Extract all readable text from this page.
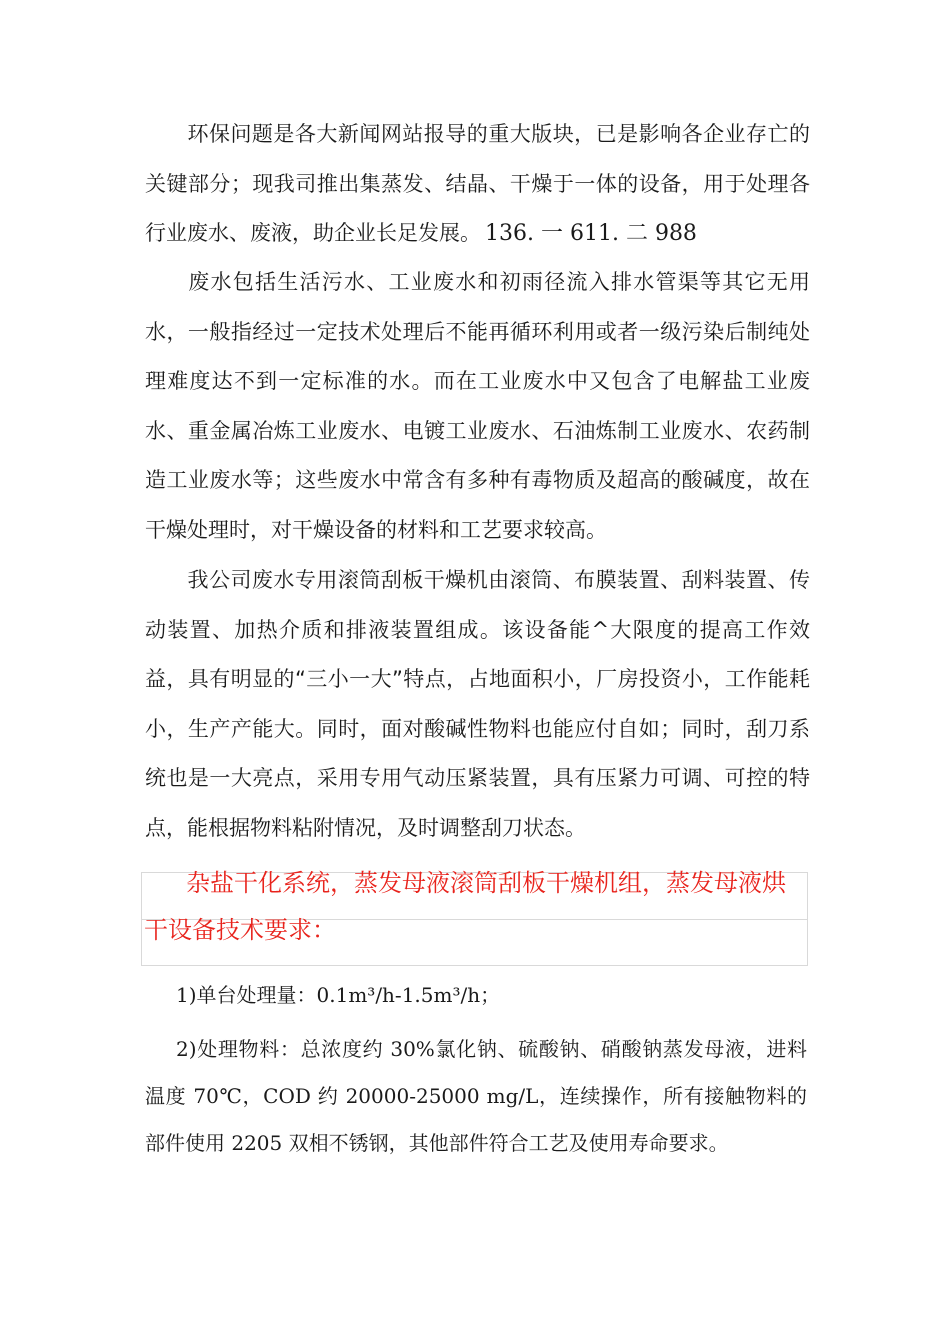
环保问题是各大新闻网站报导的重大版块，已是影响各企业存亡的关键部分；现我司推出集蒸发、结晶、干燥于一体的设备，用于处理各行业废水、废液，助企业长足发展。 136. 一 611. 二 988

废水包括生活污水、工业废水和初雨径流入排水管渠等其它无用水，一般指经过一定技术处理后不能再循环利用或者一级污染后制纯处理难度达不到一定标准的水。而在工业废水中又包含了电解盐工业废水、重金属冶炼工业废水、电镀工业废水、石油炼制工业废水、农药制造工业废水等；这些废水中常含有多种有毒物质及超高的酸碱度，故在干燥处理时，对干燥设备的材料和工艺要求较高。

我公司废水专用滚筒刮板干燥机由滚筒、布膜装置、刮料装置、传动装置、加热介质和排液装置组成。该设备能^大限度的提高工作效益，具有明显的“三小一大”特点，占地面积小，厂房投资小，工作能耗小，生产产能大。同时，面对酸碱性物料也能应付自如；同时，刮刀系统也是一大亮点，采用专用气动压紧装置，具有压紧力可调、可控的特点，能根据物料粘附情况，及时调整刮刀状态。

杂盐干化系统，蒸发母液滚筒刮板干燥机组，蒸发母液烘干设备技术要求：

1)单台处理量：0.1m³/h-1.5m³/h；

2)处理物料：总浓度约 30%氯化钠、硫酸钠、硝酸钠蒸发母液，进料温度 70℃，COD 约 20000-25000 mg/L，连续操作，所有接触物料的部件使用 2205 双相不锈钢，其他部件符合工艺及使用寿命要求。
